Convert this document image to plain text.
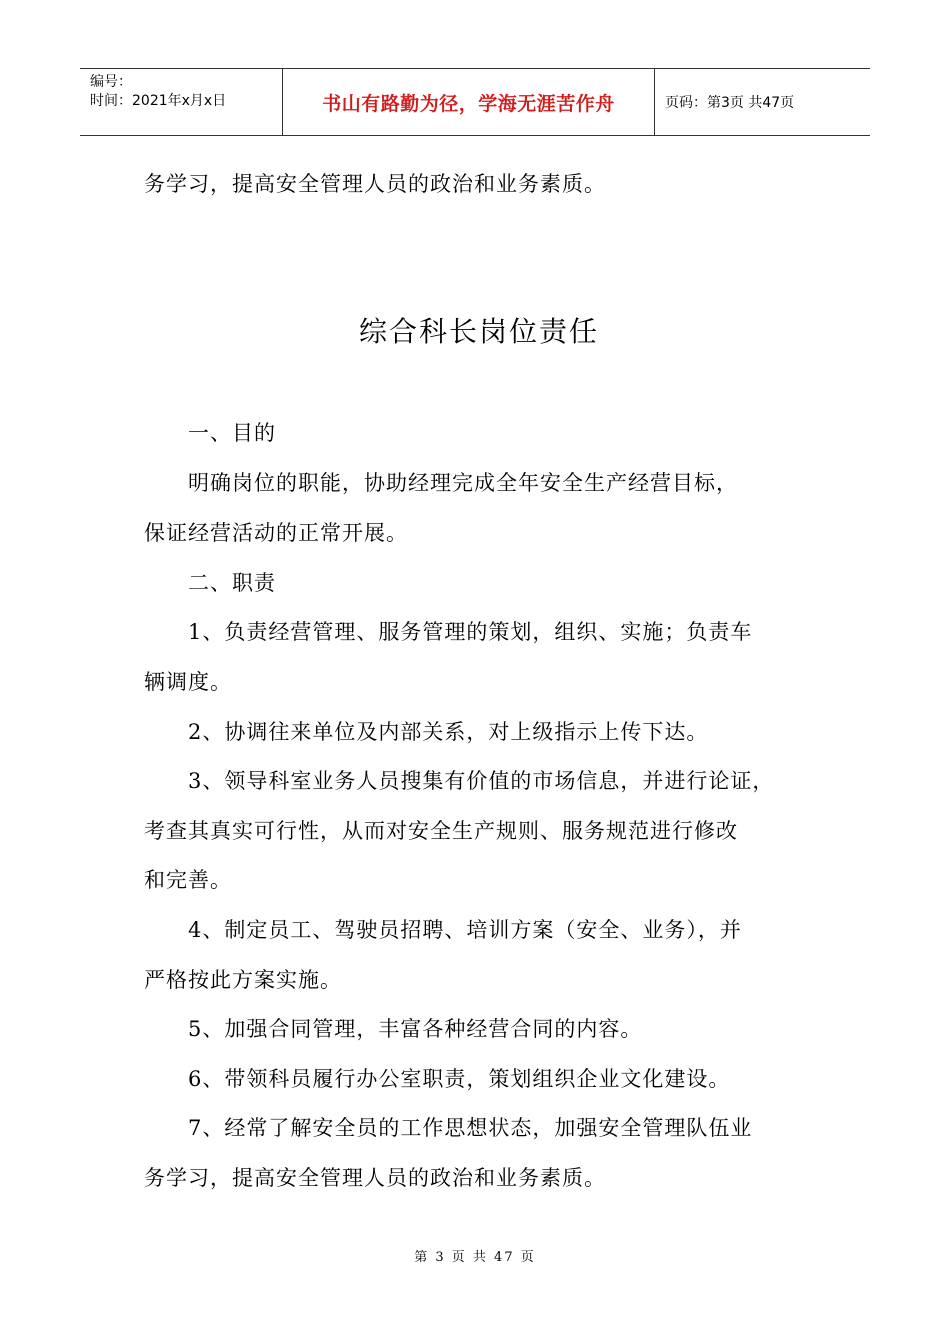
编号：
时间：2021年x月x日	书山有路勤为径，学海无涯苦作舟	页码：第3页 共47页
务学习，提高安全管理人员的政治和业务素质。
综合科长岗位责任
一、目的
明确岗位的职能，协助经理完成全年安全生产经营目标，
保证经营活动的正常开展。
二、职责
1、负责经营管理、服务管理的策划，组织、实施；负责车
辆调度。
2、协调往来单位及内部关系，对上级指示上传下达。
3、领导科室业务人员搜集有价值的市场信息，并进行论证，
考查其真实可行性，从而对安全生产规则、服务规范进行修改
和完善。
4、制定员工、驾驶员招聘、培训方案（安全、业务），并
严格按此方案实施。
5、加强合同管理，丰富各种经营合同的内容。
6、带领科员履行办公室职责，策划组织企业文化建设。
7、经常了解安全员的工作思想状态，加强安全管理队伍业
务学习，提高安全管理人员的政治和业务素质。
第 3 页 共 47 页
